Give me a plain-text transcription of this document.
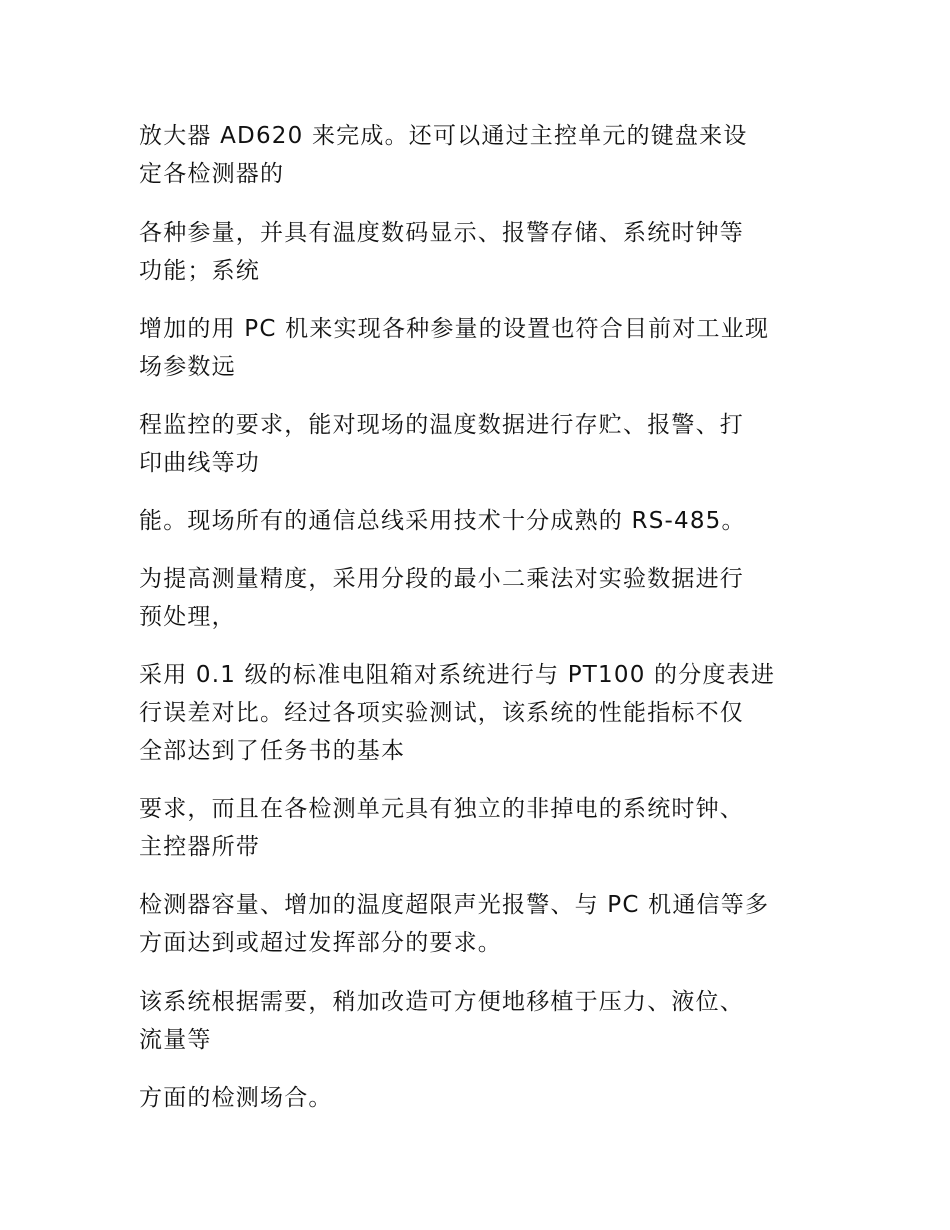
放大器 AD620 来完成。还可以通过主控单元的键盘来设
定各检测器的

各种参量，并具有温度数码显示、报警存储、系统时钟等
功能；系统

增加的用 PC 机来实现各种参量的设置也符合目前对工业现
场参数远

程监控的要求，能对现场的温度数据进行存贮、报警、打
印曲线等功

能。现场所有的通信总线采用技术十分成熟的 RS-485。

为提高测量精度，采用分段的最小二乘法对实验数据进行
预处理，

采用 0.1 级的标准电阻箱对系统进行与 PT100 的分度表进
行误差对比。经过各项实验测试，该系统的性能指标不仅
全部达到了任务书的基本

要求，而且在各检测单元具有独立的非掉电的系统时钟、
主控器所带

检测器容量、增加的温度超限声光报警、与 PC 机通信等多
方面达到或超过发挥部分的要求。

该系统根据需要，稍加改造可方便地移植于压力、液位、
流量等

方面的检测场合。
